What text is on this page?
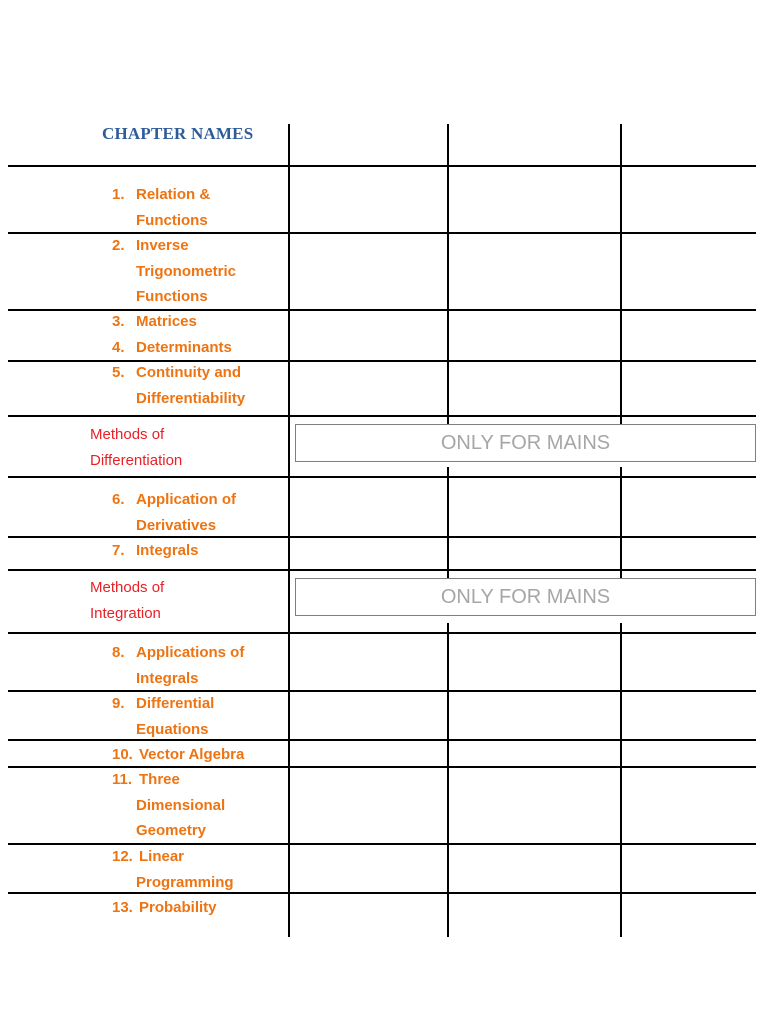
CHAPTER NAMES
1. Relation &
Functions
2. Inverse
Trigonometric
Functions
3. Matrices
4. Determinants
5. Continuity and
Differentiability
Methods of
Differentiation
ONLY FOR MAINS
6. Application of
Derivatives
7. Integrals
Methods of
Integration
ONLY FOR MAINS
8. Applications of
Integrals
9. Differential
Equations
10. Vector Algebra
11. Three
Dimensional
Geometry
12. Linear
Programming
13. Probability
